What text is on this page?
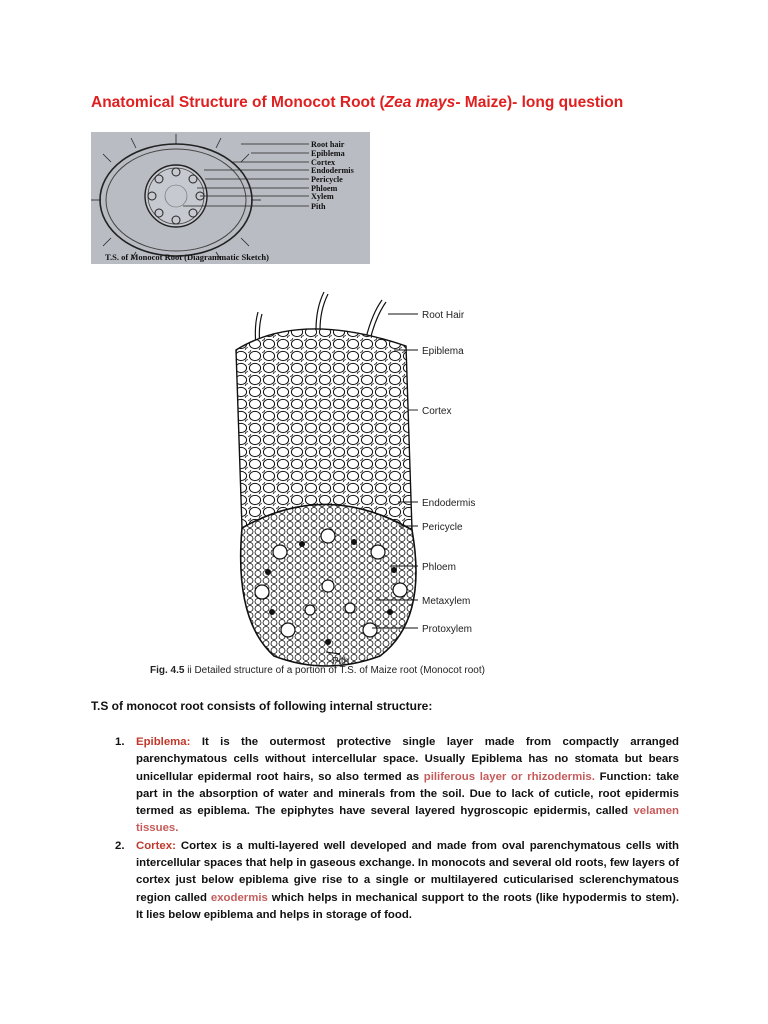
Anatomical Structure of Monocot Root (Zea mays- Maize)- long question
Root hair
Epiblema
Cortex
Endodermis
Pericycle
Phloem
Xylem
Pith
T.S. of Monocot Root (Diagrammatic Sketch)
Root Hair
Epiblema
Cortex
Endodermis
Pericycle
Phloem
Metaxylem
Protoxylem
Pith
Fig. 4.5 ii Detailed structure of a portion of T.S. of Maize root (Monocot root)
T.S of monocot root consists of following internal structure:
1. Epiblema: It is the outermost protective single layer made from compactly arranged parenchymatous cells without intercellular space. Usually Epiblema has no stomata but bears unicellular epidermal root hairs, so also termed as piliferous layer or rhizodermis. Function: take part in the absorption of water and minerals from the soil. Due to lack of cuticle, root epidermis termed as epiblema. The epiphytes have several layered hygroscopic epidermis, called velamen tissues.
2. Cortex: Cortex is a multi-layered well developed and made from oval parenchymatous cells with intercellular spaces that help in gaseous exchange. In monocots and several old roots, few layers of cortex just below epiblema give rise to a single or multilayered cuticularised sclerenchymatous region called exodermis which helps in mechanical support to the roots (like hypodermis to stem). It lies below epiblema and helps in storage of food.
